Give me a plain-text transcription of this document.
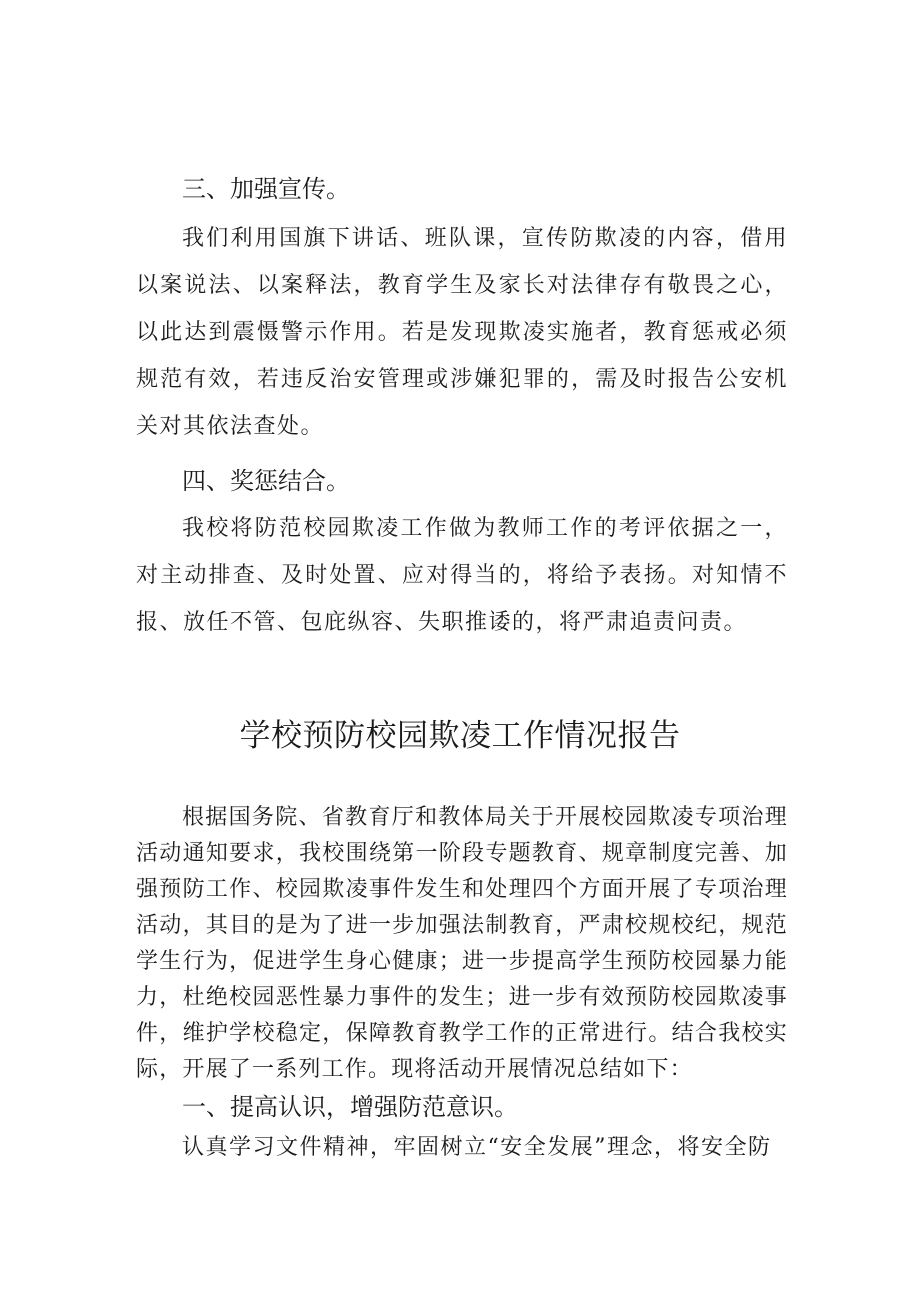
三、加强宣传。

我们利用国旗下讲话、班队课，宣传防欺凌的内容，借用以案说法、以案释法，教育学生及家长对法律存有敬畏之心，以此达到震慑警示作用。若是发现欺凌实施者，教育惩戒必须规范有效，若违反治安管理或涉嫌犯罪的，需及时报告公安机关对其依法查处。

四、奖惩结合。

我校将防范校园欺凌工作做为教师工作的考评依据之一，对主动排查、及时处置、应对得当的，将给予表扬。对知情不报、放任不管、包庇纵容、失职推诿的，将严肃追责问责。

学校预防校园欺凌工作情况报告

根据国务院、省教育厅和教体局关于开展校园欺凌专项治理活动通知要求，我校围绕第一阶段专题教育、规章制度完善、加强预防工作、校园欺凌事件发生和处理四个方面开展了专项治理活动，其目的是为了进一步加强法制教育，严肃校规校纪，规范学生行为，促进学生身心健康；进一步提高学生预防校园暴力能力，杜绝校园恶性暴力事件的发生；进一步有效预防校园欺凌事件，维护学校稳定，保障教育教学工作的正常进行。结合我校实际，开展了一系列工作。现将活动开展情况总结如下：

一、提高认识，增强防范意识。

认真学习文件精神，牢固树立“安全发展”理念，将安全防
